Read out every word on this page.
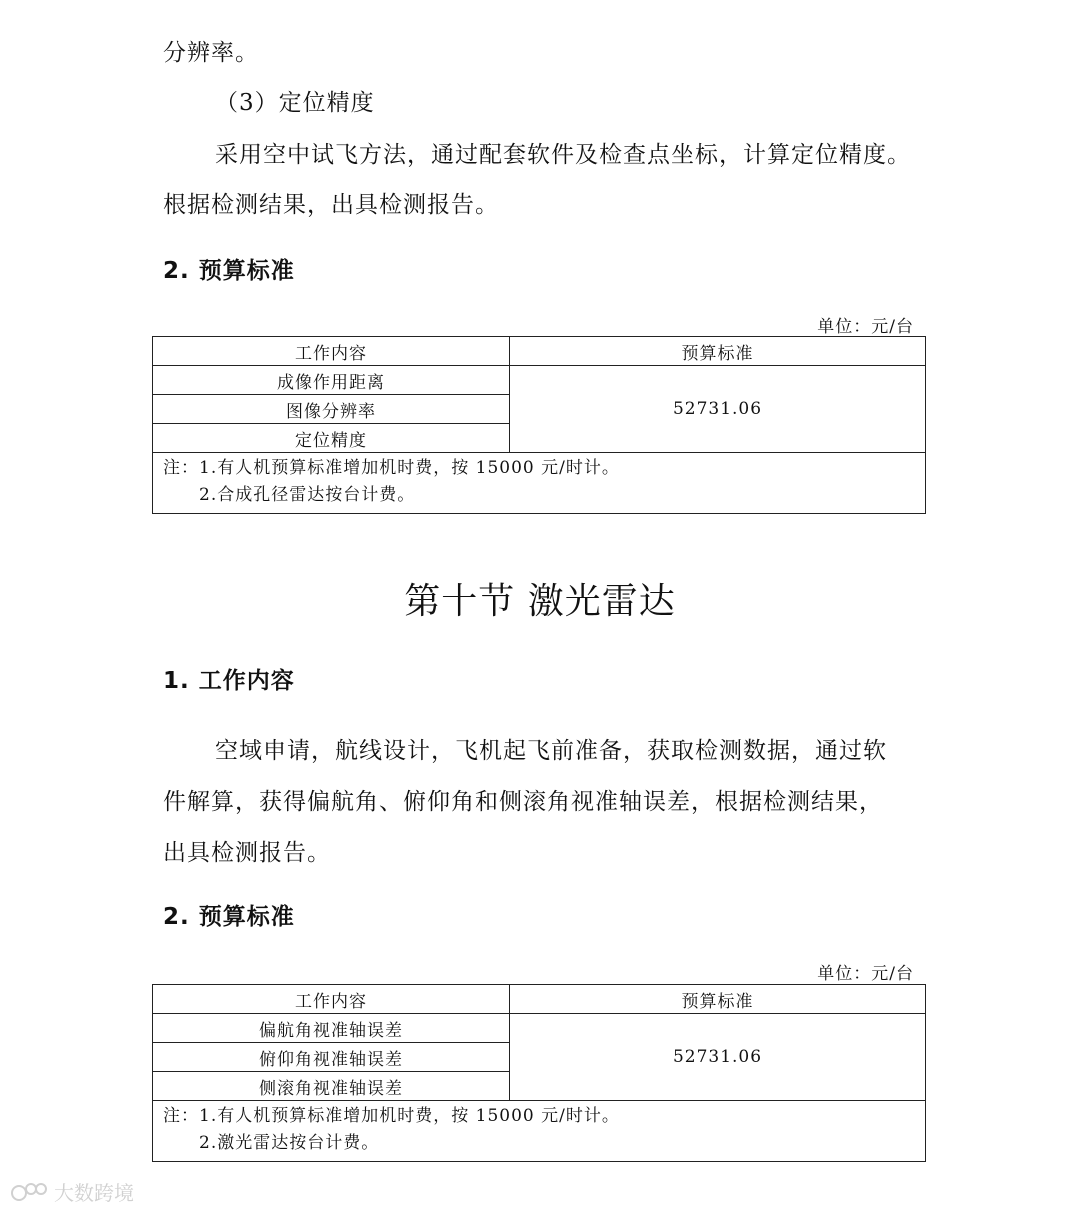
分辨率。
（3）定位精度
采用空中试飞方法，通过配套软件及检查点坐标，计算定位精度。
根据检测结果，出具检测报告。
2. 预算标准
单位：元/台
工作内容	预算标准
成像作用距离	52731.06
图像分辨率	
定位精度	

注：1.有人机预算标准增加机时费，按 15000 元/时计。
2.合成孔径雷达按台计费。	
第十节 激光雷达
1. 工作内容
空域申请，航线设计，飞机起飞前准备，获取检测数据，通过软
件解算，获得偏航角、俯仰角和侧滚角视准轴误差，根据检测结果，
出具检测报告。
2. 预算标准
单位：元/台
工作内容	预算标准
偏航角视准轴误差	52731.06
俯仰角视准轴误差	
侧滚角视准轴误差	

注：1.有人机预算标准增加机时费，按 15000 元/时计。
2.激光雷达按台计费。	
大数跨境
